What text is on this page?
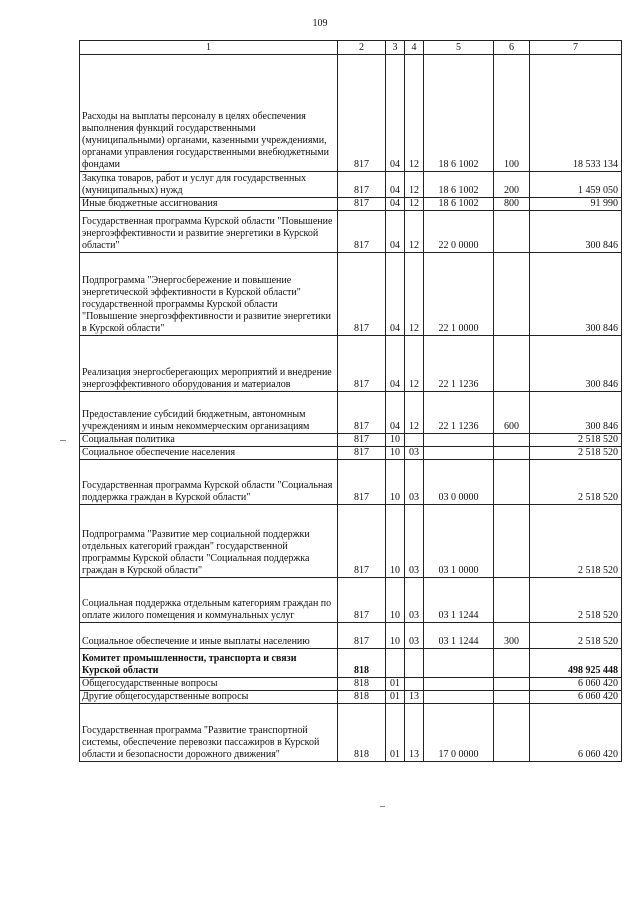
109
1	2	3	4	5	6	7
Расходы на выплаты персоналу в целях обеспечения выполнения функций государственными (муниципальными) органами, казенными учреждениями, органами управления государственными внебюджетными фондами	817	04	12	18 6 1002	100	18 533 134
Закупка товаров, работ и услуг для государственных (муниципальных) нужд	817	04	12	18 6 1002	200	1 459 050
Иные бюджетные ассигнования	817	04	12	18 6 1002	800	91 990
Государственная программа Курской области "Повышение энергоэффективности и развитие энергетики в Курской области"	817	04	12	22 0 0000		300 846
Подпрограмма "Энергосбережение и повышение энергетической эффективности в Курской области" государственной программы Курской области "Повышение энергоэффективности и развитие энергетики в Курской области"	817	04	12	22 1 0000		300 846
Реализация энергосберегающих мероприятий и внедрение энергоэффективного оборудования и материалов	817	04	12	22 1 1236		300 846
Предоставление субсидий бюджетным, автономным учреждениям и иным некоммерческим организациям	817	04	12	22 1 1236	600	300 846
Социальная политика	817	10				2 518 520
Социальное обеспечение населения	817	10	03			2 518 520
Государственная программа Курской области "Социальная поддержка граждан в Курской области"	817	10	03	03 0 0000		2 518 520
Подпрограмма "Развитие мер социальной поддержки отдельных категорий граждан" государственной программы Курской области "Социальная поддержка граждан в Курской области"	817	10	03	03 1 0000		2 518 520
Социальная поддержка отдельным категориям граждан по оплате жилого помещения и коммунальных услуг	817	10	03	03 1 1244		2 518 520
Социальное обеспечение и иные выплаты населению	817	10	03	03 1 1244	300	2 518 520
Комитет промышленности, транспорта и связи Курской области	818					498 925 448
Общегосударственные вопросы	818	01				6 060 420
Другие общегосударственные вопросы	818	01	13			6 060 420
Государственная программа "Развитие транспортной системы, обеспечение перевозки пассажиров в Курской области и безопасности дорожного движения"	818	01	13	17 0 0000		6 060 420
